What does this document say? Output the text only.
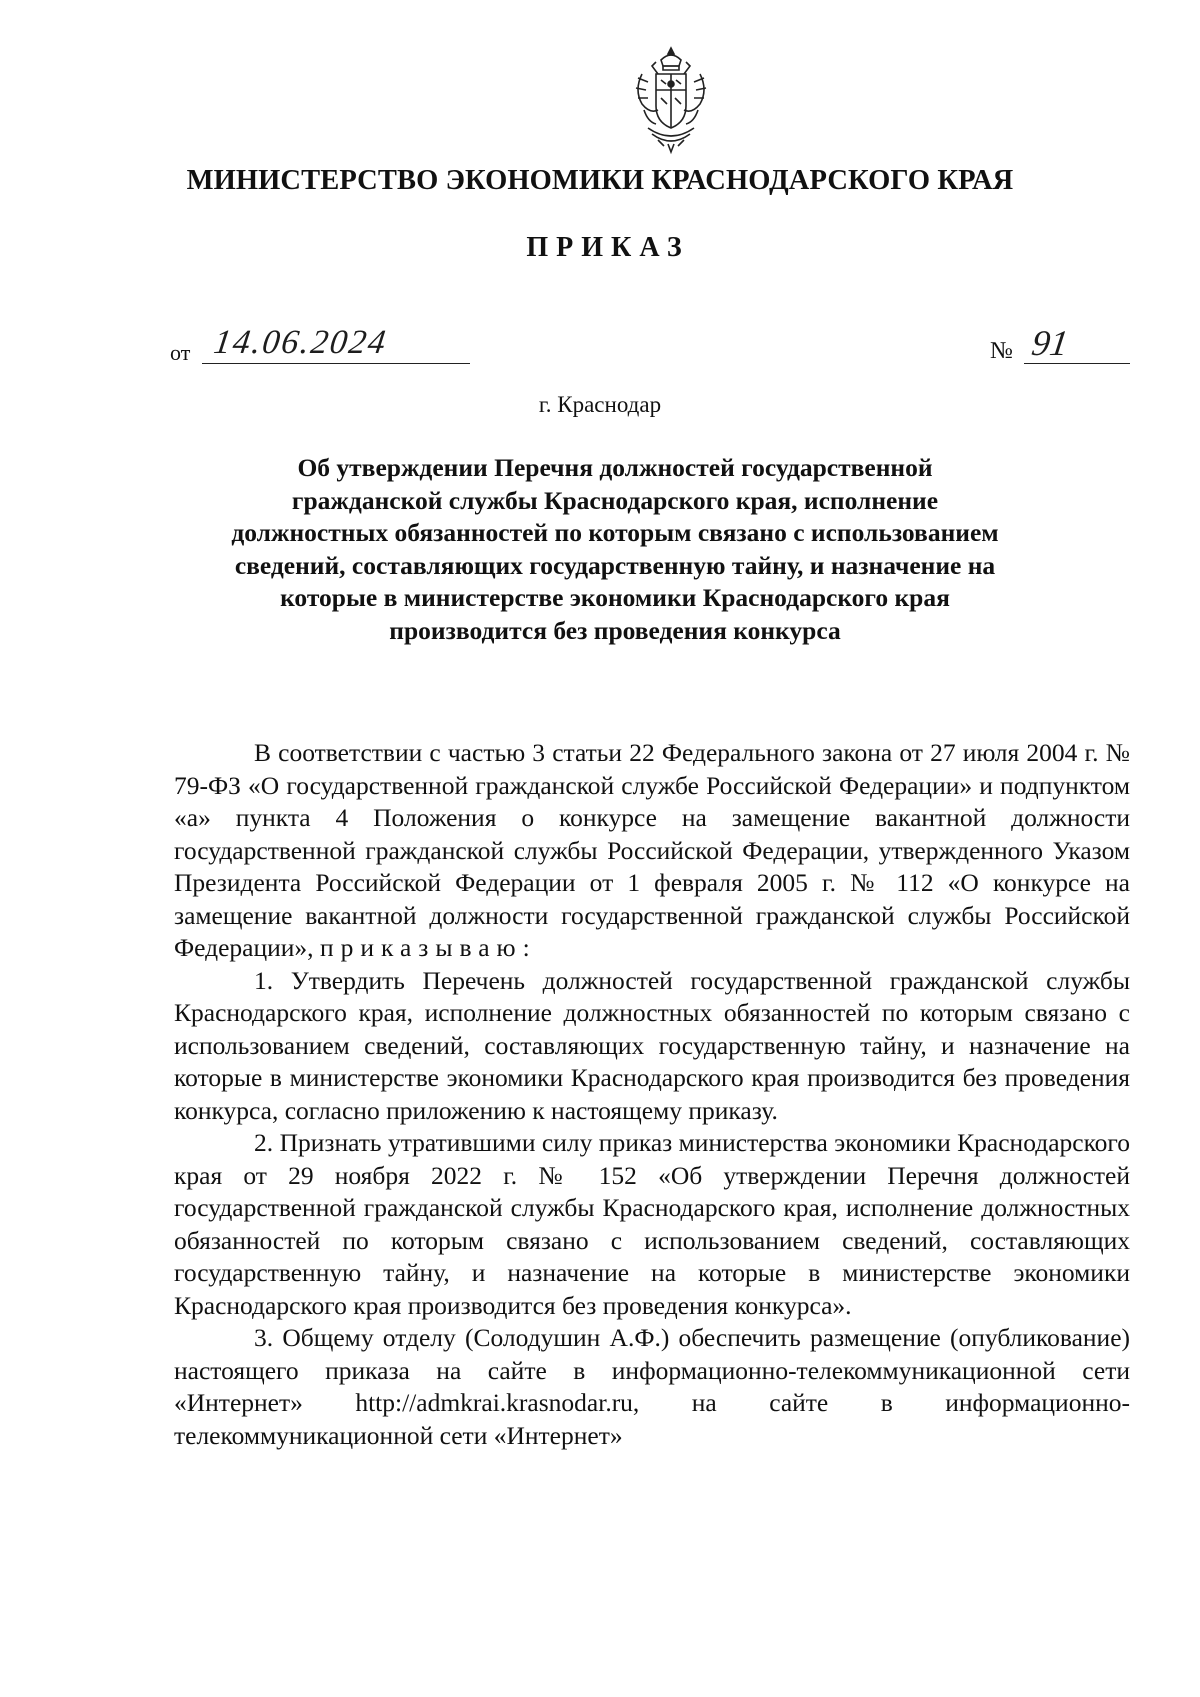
МИНИСТЕРСТВО ЭКОНОМИКИ КРАСНОДАРСКОГО КРАЯ
ПРИКАЗ
от 14.06.2024	№ 91
г. Краснодар
Об утверждении Перечня должностей государственной гражданской службы Краснодарского края, исполнение должностных обязанностей по которым связано с использованием сведений, составляющих государственную тайну, и назначение на которые в министерстве экономики Краснодарского края производится без проведения конкурса

В соответствии с частью 3 статьи 22 Федерального закона от 27 июля 2004 г. № 79-ФЗ «О государственной гражданской службе Российской Федерации» и подпунктом «а» пункта 4 Положения о конкурсе на замещение вакантной должности государственной гражданской службы Российской Федерации, утвержденного Указом Президента Российской Федерации от 1 февраля 2005 г. № 112 «О конкурсе на замещение вакантной должности государственной гражданской службы Российской Федерации», приказываю:

1. Утвердить Перечень должностей государственной гражданской службы Краснодарского края, исполнение должностных обязанностей по которым связано с использованием сведений, составляющих государственную тайну, и назначение на которые в министерстве экономики Краснодарского края производится без проведения конкурса, согласно приложению к настоящему приказу.

2. Признать утратившими силу приказ министерства экономики Краснодарского края от 29 ноября 2022 г. № 152 «Об утверждении Перечня должностей государственной гражданской службы Краснодарского края, исполнение должностных обязанностей по которым связано с использованием сведений, составляющих государственную тайну, и назначение на которые в министерстве экономики Краснодарского края производится без проведения конкурса».

3. Общему отделу (Солодушин А.Ф.) обеспечить размещение (опубликование) настоящего приказа на сайте в информационно-телекоммуникационной сети «Интернет» http://admkrai.krasnodar.ru, на сайте в информационно-телекоммуникационной сети «Интернет»
